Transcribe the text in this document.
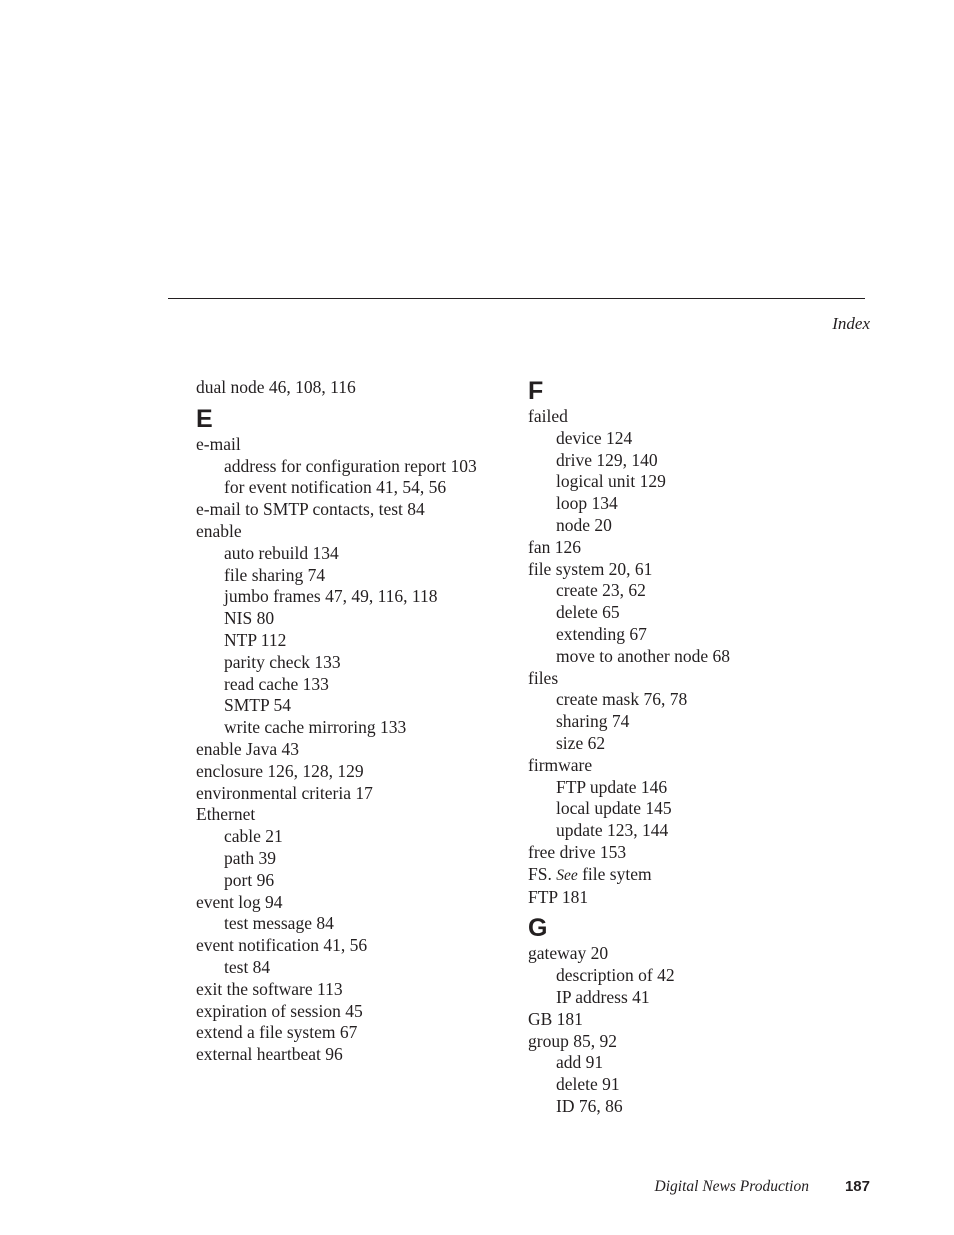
Index
dual node 46, 108, 116
E
e-mail
address for configuration report 103
for event notification 41, 54, 56
e-mail to SMTP contacts, test 84
enable
auto rebuild 134
file sharing 74
jumbo frames 47, 49, 116, 118
NIS 80
NTP 112
parity check 133
read cache 133
SMTP 54
write cache mirroring 133
enable Java 43
enclosure 126, 128, 129
environmental criteria 17
Ethernet
cable 21
path 39
port 96
event log 94
test message 84
event notification 41, 56
test 84
exit the software 113
expiration of session 45
extend a file system 67
external heartbeat 96
F
failed
device 124
drive 129, 140
logical unit 129
loop 134
node 20
fan 126
file system 20, 61
create 23, 62
delete 65
extending 67
move to another node 68
files
create mask 76, 78
sharing 74
size 62
firmware
FTP update 146
local update 145
update 123, 144
free drive 153
FS. See file sytem
FTP 181
G
gateway 20
description of 42
IP address 41
GB 181
group 85, 92
add 91
delete 91
ID 76, 86
Digital News Production 187
